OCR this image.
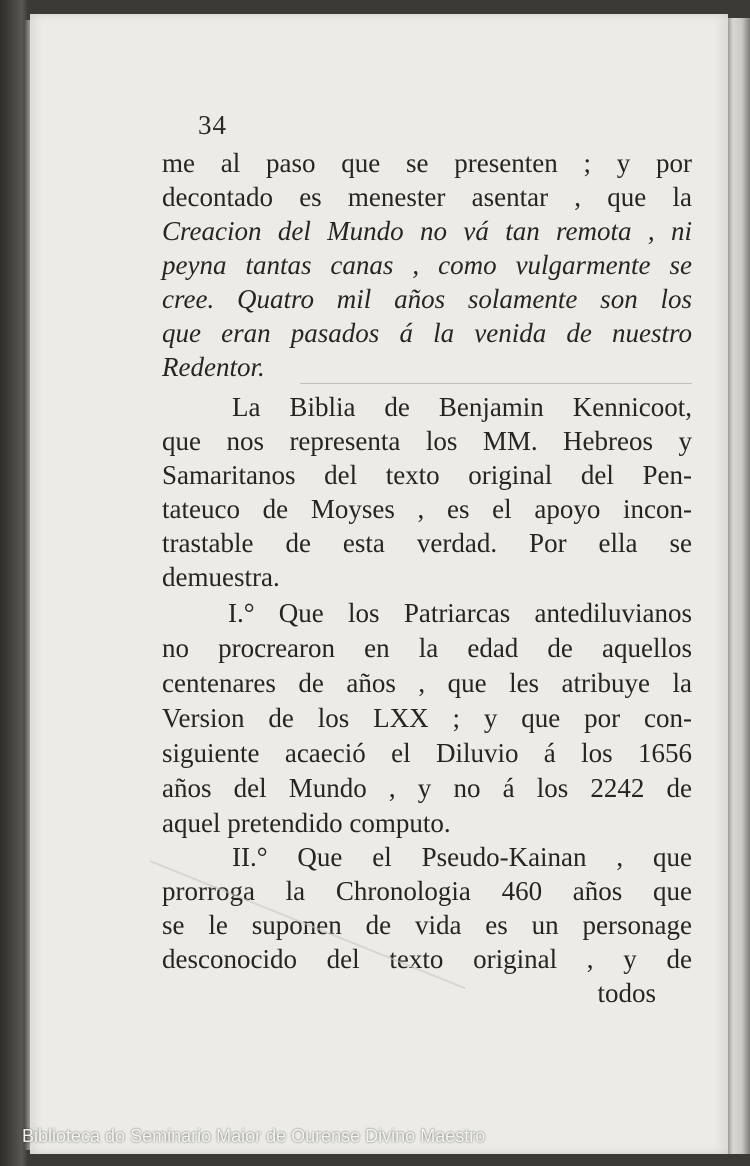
34
me al paso que se presenten ; y por
decontado es menester asentar , que la
Creacion del Mundo no vá tan remota , ni
peyna tantas canas , como vulgarmente se
cree. Quatro mil años solamente son los
que eran pasados á la venida de nuestro
Redentor.
La Biblia de Benjamin Kennicoot,
que nos representa los MM. Hebreos y
Samaritanos del texto original del Pen-
tateuco de Moyses , es el apoyo incon-
trastable de esta verdad. Por ella se
demuestra.
I.° Que los Patriarcas antediluvianos
no procrearon en la edad de aquellos
centenares de años , que les atribuye la
Version de los LXX ; y que por con-
siguiente acaeció el Diluvio á los 1656
años del Mundo , y no á los 2242 de
aquel pretendido computo.
II.° Que el Pseudo-Kainan , que
prorroga la Chronologia 460 años que
se le suponen de vida es un personage
desconocido del texto original , y de
todos
Biblioteca do Seminario Maior de Ourense Divino Maestro
